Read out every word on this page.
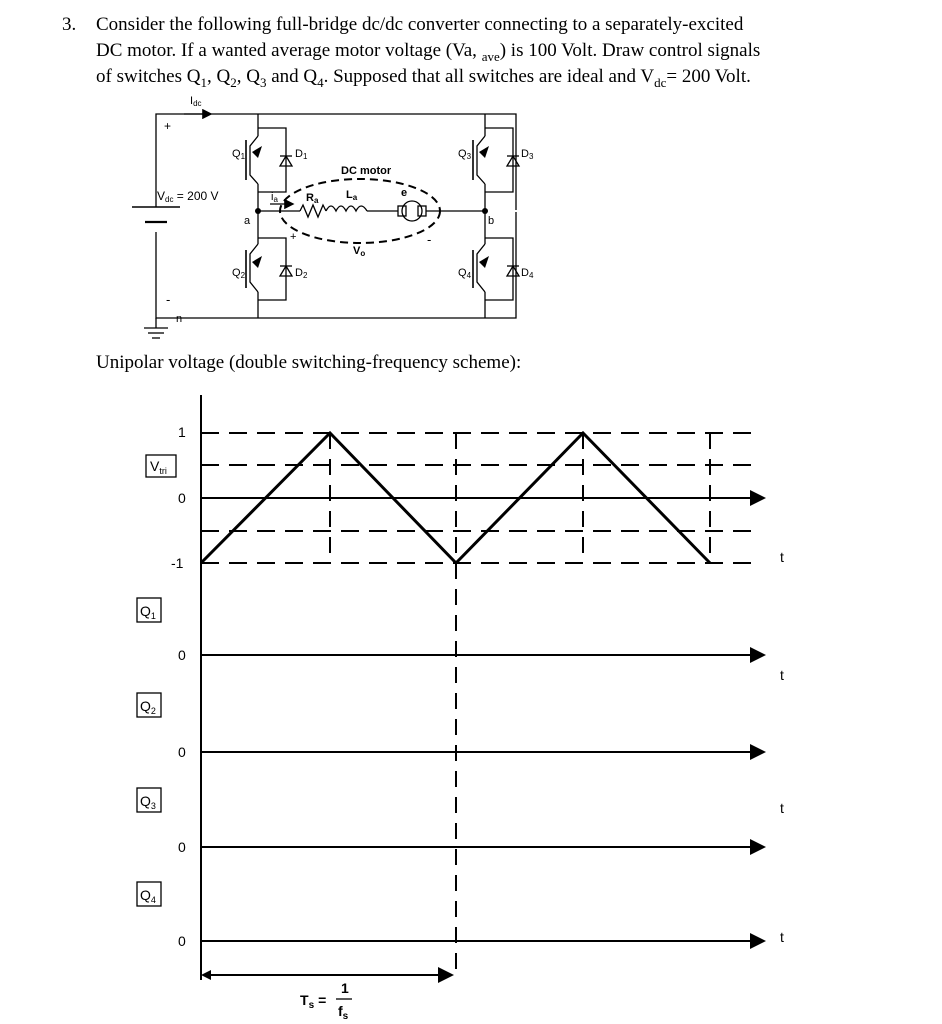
3. Consider the following full-bridge dc/dc converter connecting to a separately-excited
DC motor. If a wanted average motor voltage (Va, $_{ave}$) is 100 Volt. Draw control signals
of switches $Q_1$, $Q_2$, $Q_3$ and $Q_4$. Supposed that all switches are ideal and $V_{dc}= 200$ Volt.
Idc
+
Vdc = 200 V
-
n
a	b
ia	Ra	La	e
DC motor
Vo
+	-
Q1
Q2
Q3
Q4
D1
D2
D3
D4
$V_{tri}$
1
0
-1	t
t
t
t
$Q_1$
$Q_2$
$Q_3$
$Q_4$
0
0
0
0
$T_s$ =
1
$f_s$
Unipolar voltage (double switching-frequency scheme):
